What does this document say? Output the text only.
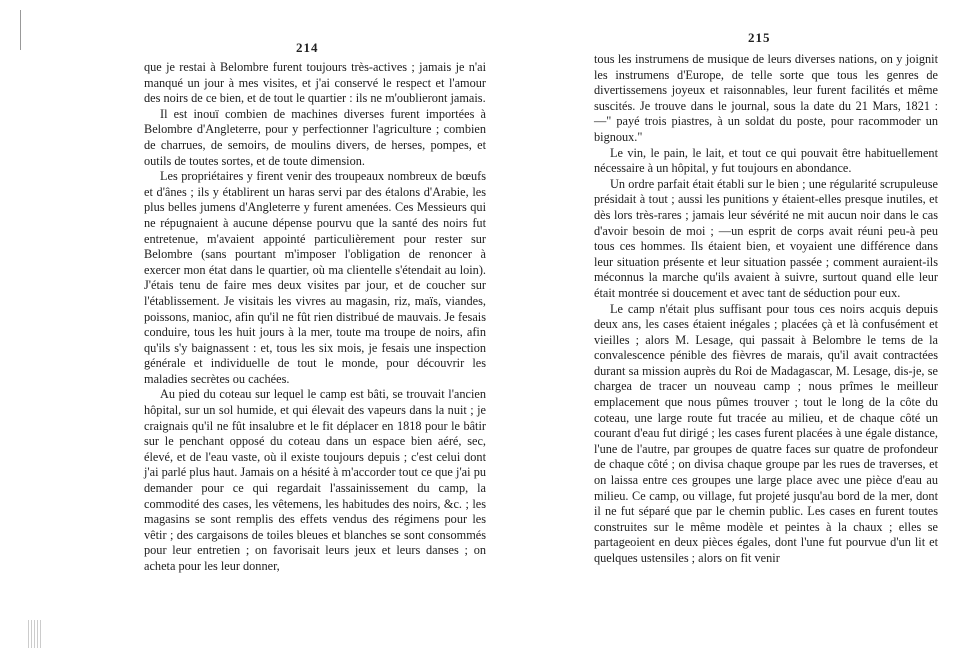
214

que je restai à Belombre furent toujours très-actives ; jamais je n'ai manqué un jour à mes visites, et j'ai conservé le respect et l'amour des noirs de ce bien, et de tout le quartier : ils ne m'oublieront jamais.

Il est inouï combien de machines diverses furent importées à Belombre d'Angleterre, pour y perfectionner l'agriculture ; combien de charrues, de semoirs, de moulins divers, de herses, pompes, et outils de toutes sortes, et de toute dimension.

Les propriétaires y firent venir des troupeaux nombreux de bœufs et d'ânes ; ils y établirent un haras servi par des étalons d'Arabie, les plus belles jumens d'Angleterre y furent amenées. Ces Messieurs qui ne répugnaient à aucune dépense pourvu que la santé des noirs fut entretenue, m'avaient appointé particulièrement pour rester sur Belombre (sans pourtant m'imposer l'obligation de renoncer à exercer mon état dans le quartier, où ma clientelle s'étendait au loin). J'étais tenu de faire mes deux visites par jour, et de coucher sur l'établissement. Je visitais les vivres au magasin, riz, maïs, viandes, poissons, manioc, afin qu'il ne fût rien distribué de mauvais. Je fesais conduire, tous les huit jours à la mer, toute ma troupe de noirs, afin qu'ils s'y baignassent : et, tous les six mois, je fesais une inspection générale et individuelle de tout le monde, pour découvrir les maladies secrètes ou cachées.

Au pied du coteau sur lequel le camp est bâti, se trouvait l'ancien hôpital, sur un sol humide, et qui élevait des vapeurs dans la nuit ; je craignais qu'il ne fût insalubre et le fit déplacer en 1818 pour le bâtir sur le penchant opposé du coteau dans un espace bien aéré, sec, élevé, et de l'eau vaste, où il existe toujours depuis ; c'est celui dont j'ai parlé plus haut. Jamais on a hésité à m'accorder tout ce que j'ai pu demander pour ce qui regardait l'assainissement du camp, la commodité des cases, les vêtemens, les habitudes des noirs, &c. ; les magasins se sont remplis des effets vendus des régimens pour les vêtir ; des cargaisons de toiles bleues et blanches se sont consommés pour leur entretien ; on favorisait leurs jeux et leurs danses ; on acheta pour les leur donner,

215

tous les instrumens de musique de leurs diverses nations, on y joignit les instrumens d'Europe, de telle sorte que tous les genres de divertissemens joyeux et raisonnables, leur furent facilités et même suscités. Je trouve dans le journal, sous la date du 21 Mars, 1821 : —" payé trois piastres, à un soldat du poste, pour racommoder un bignoux."

Le vin, le pain, le lait, et tout ce qui pouvait être habituellement nécessaire à un hôpital, y fut toujours en abondance.

Un ordre parfait était établi sur le bien ; une régularité scrupuleuse présidait à tout ; aussi les punitions y étaient-elles presque inutiles, et dès lors très-rares ; jamais leur sévérité ne mit aucun noir dans le cas d'avoir besoin de moi ; —un esprit de corps avait réuni peu-à peu tous ces hommes. Ils étaient bien, et voyaient une différence dans leur situation présente et leur situation passée ; comment auraient-ils méconnus la marche qu'ils avaient à suivre, surtout quand elle leur était montrée si doucement et avec tant de séduction pour eux.

Le camp n'était plus suffisant pour tous ces noirs acquis depuis deux ans, les cases étaient inégales ; placées çà et là confusément et vieilles ; alors M. Lesage, qui passait à Belombre le tems de la convalescence pénible des fièvres de marais, qu'il avait contractées durant sa mission auprès du Roi de Madagascar, M. Lesage, dis-je, se chargea de tracer un nouveau camp ; nous prîmes le meilleur emplacement que nous pûmes trouver ; tout le long de la côte du coteau, une large route fut tracée au milieu, et de chaque côté un courant d'eau fut dirigé ; les cases furent placées à une égale distance, l'une de l'autre, par groupes de quatre faces sur quatre de profondeur de chaque côté ; on divisa chaque groupe par les rues de traverses, et on laissa entre ces groupes une large place avec une pièce d'eau au milieu. Ce camp, ou village, fut projeté jusqu'au bord de la mer, dont il ne fut séparé que par le chemin public. Les cases en furent toutes construites sur le même modèle et peintes à la chaux ; elles se partageoient en deux pièces égales, dont l'une fut pourvue d'un lit et quelques ustensiles ; alors on fit venir
